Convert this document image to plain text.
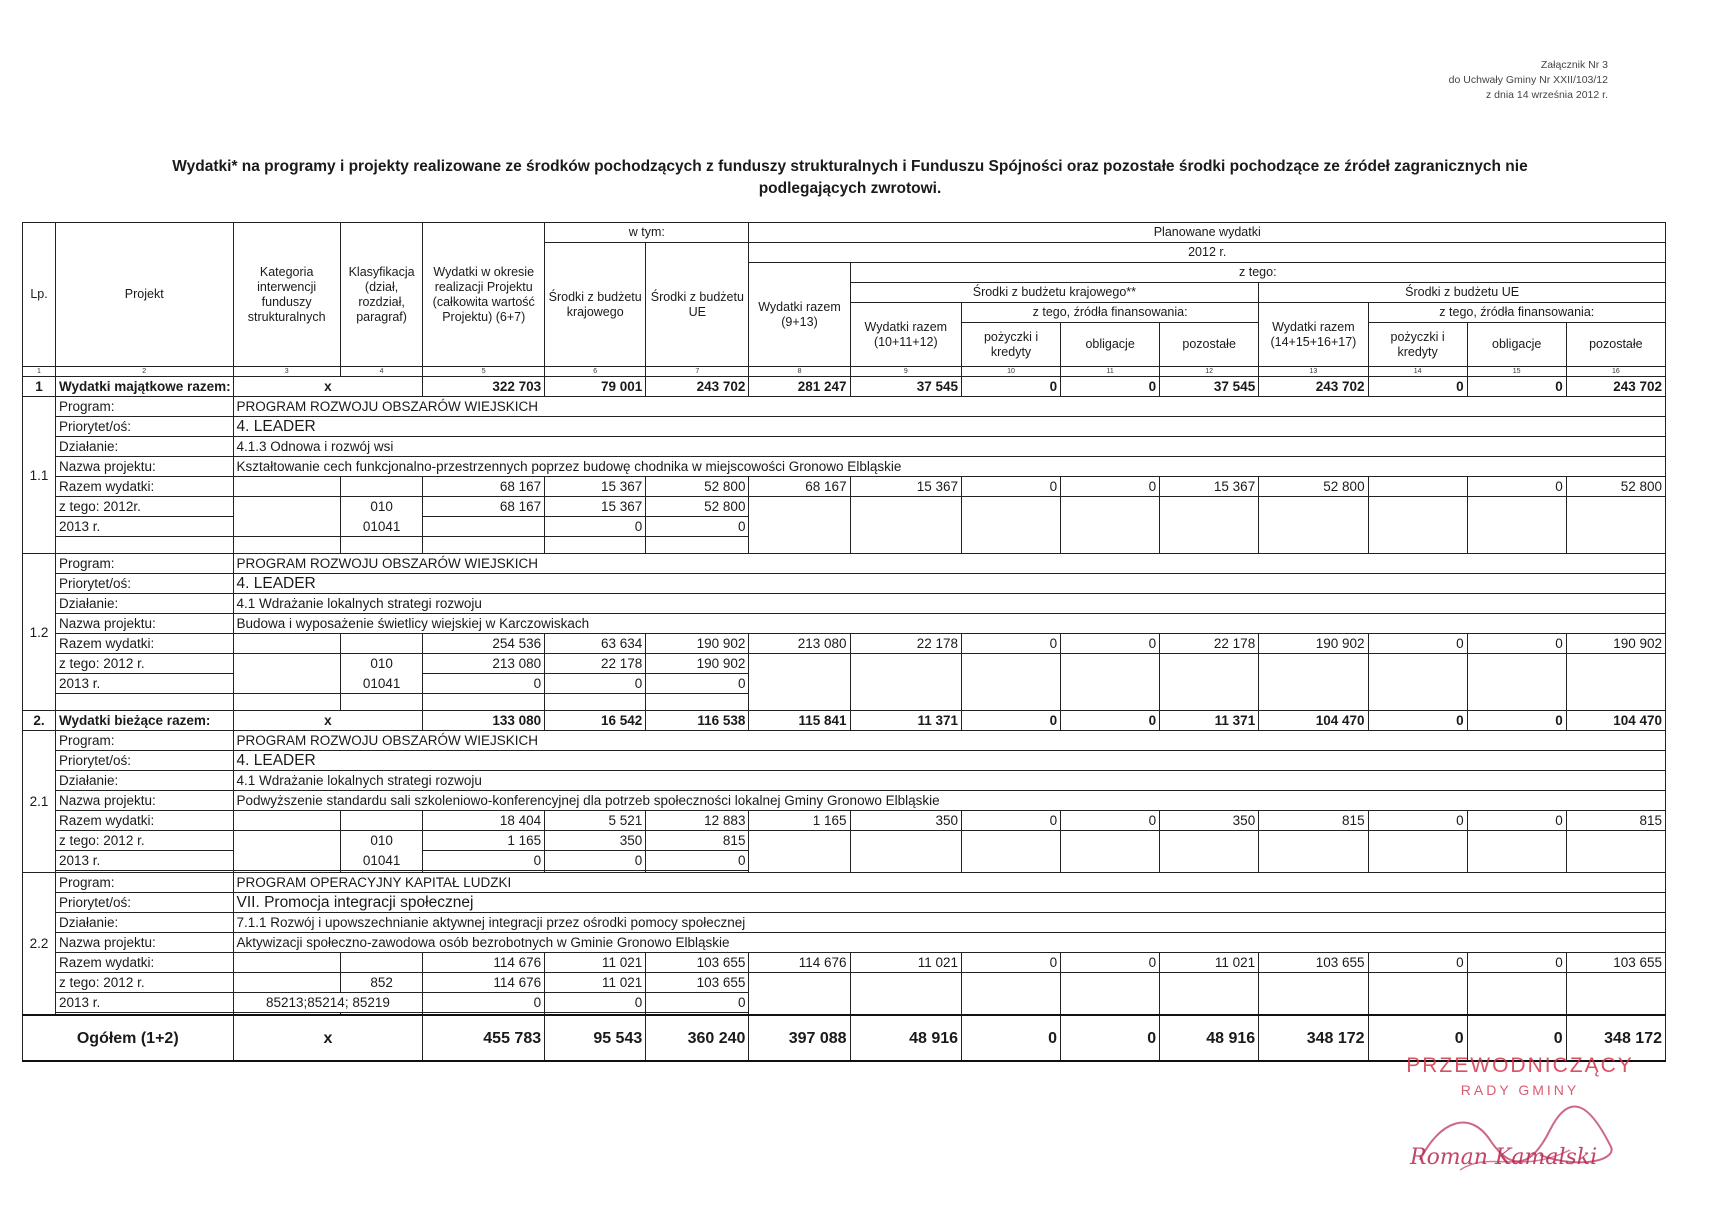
Załącznik Nr 3
do Uchwały Gminy Nr XXII/103/12
z dnia 14 września 2012 r.
Wydatki* na programy i projekty realizowane ze środków pochodzących z funduszy strukturalnych i Funduszu Spójności oraz pozostałe środki pochodzące ze źródeł zagranicznych nie
podlegających zwrotowi.
Lp.	Projekt	Kategoria interwencji funduszy strukturalnych	Klasyfikacja (dział, rozdział, paragraf)	Wydatki w okresie realizacji Projektu (całkowita wartość Projektu) (6+7)	w tym:		Planowane wydatki								
					Środki z budżetu krajowego	Środki z budżetu UE	2012 r.								
							Wydatki razem (9+13)	z tego:							
								Środki z budżetu krajowego**				Środki z budżetu UE			
								Wydatki razem (10+11+12)	z tego, źródła finansowania:			Wydatki razem (14+15+16+17)	z tego, źródła finansowania:		
									pożyczki i kredyty	obligacje	pozostałe		pożyczki i kredyty	obligacje	pozostałe

1	2	3	4	5	6	7	8	9	10	11	12	13	14	15	16
1	Wydatki majątkowe razem:	x		322 703	79 001	243 702	281 247	37 545	0	0	37 545	243 702	0	0	243 702
1.1	Program:	PROGRAM ROZWOJU OBSZARÓW WIEJSKICH													
	Priorytet/oś:	4. LEADER													
	Działanie:	4.1.3 Odnowa i rozwój wsi													
	Nazwa projektu:	Kształtowanie cech funkcjonalno-przestrzennych poprzez budowę chodnika w miejscowości Gronowo Elbląskie													
	Razem wydatki:			68 167	15 367	52 800	68 167	15 367	0	0	15 367	52 800		0	52 800
	z tego: 2012r.		010	68 167	15 367	52 800									
	2013 r.		01041		0	0									

1.2	Program:	PROGRAM ROZWOJU OBSZARÓW WIEJSKICH													
	Priorytet/oś:	4. LEADER													
	Działanie:	4.1 Wdrażanie lokalnych strategi rozwoju													
	Nazwa projektu:	Budowa i wyposażenie świetlicy wiejskiej w Karczowiskach													
	Razem wydatki:			254 536	63 634	190 902	213 080	22 178	0	0	22 178	190 902	0	0	190 902
	z tego: 2012 r.		010	213 080	22 178	190 902									
	2013 r.		01041	0	0	0									

2.	Wydatki bieżące razem:	x		133 080	16 542	116 538	115 841	11 371	0	0	11 371	104 470	0	0	104 470
2.1	Program:	PROGRAM ROZWOJU OBSZARÓW WIEJSKICH													
	Priorytet/oś:	4. LEADER													
	Działanie:	4.1 Wdrażanie lokalnych strategi rozwoju													
	Nazwa projektu:	Podwyższenie standardu sali szkoleniowo-konferencyjnej dla potrzeb społeczności lokalnej Gminy Gronowo Elbląskie													
	Razem wydatki:			18 404	5 521	12 883	1 165	350	0	0	350	815	0	0	815
	z tego: 2012 r.		010	1 165	350	815									
	2013 r.		01041	0	0	0									

2.2	Program:	PROGRAM OPERACYJNY KAPITAŁ LUDZKI													
	Priorytet/oś:	VII. Promocja integracji społecznej													
	Działanie:	7.1.1 Rozwój i upowszechnianie aktywnej integracji przez ośrodki pomocy społecznej													
	Nazwa projektu:	Aktywizacji społeczno-zawodowa osób bezrobotnych w Gminie Gronowo Elbląskie													
	Razem wydatki:			114 676	11 021	103 655	114 676	11 021	0	0	11 021	103 655	0	0	103 655
	z tego: 2012 r.		852	114 676	11 021	103 655									
	2013 r.	85213;85214; 85219		0	0	0									

Ogółem (1+2)		x		455 783	95 543	360 240	397 088	48 916	0	0	48 916	348 172	0	0	348 172
PRZEWODNICZĄCY
RADY GMINY
Roman Kamalski
